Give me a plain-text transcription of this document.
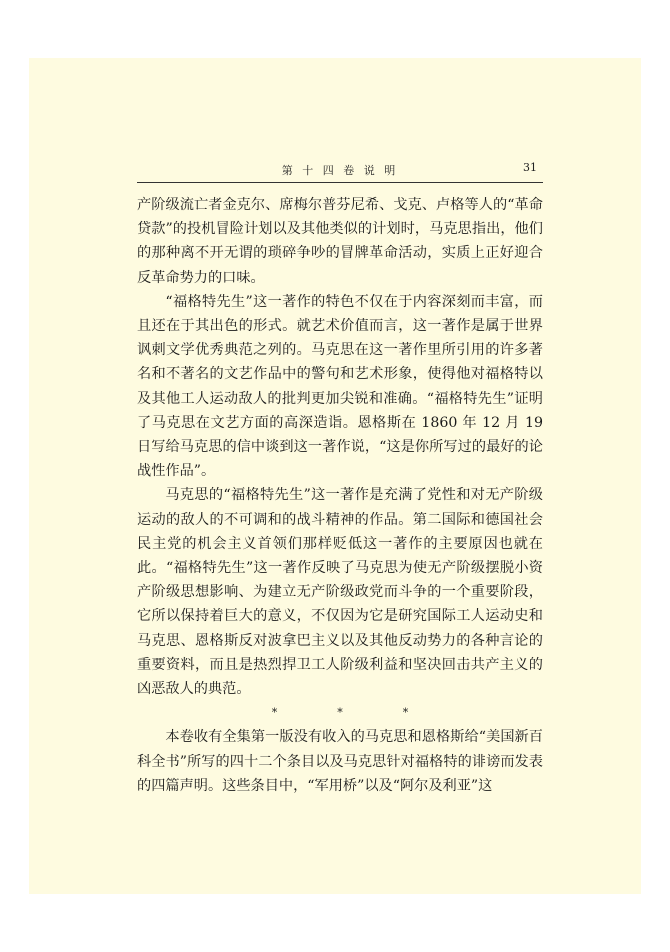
第 十 四 卷 说 明	31

产阶级流亡者金克尔、席梅尔普芬尼希、戈克、卢格等人的“革命贷款”的投机冒险计划以及其他类似的计划时，马克思指出，他们的那种离不开无谓的琐碎争吵的冒牌革命活动，实质上正好迎合反革命势力的口味。

“福格特先生”这一著作的特色不仅在于内容深刻而丰富，而且还在于其出色的形式。就艺术价值而言，这一著作是属于世界讽刺文学优秀典范之列的。马克思在这一著作里所引用的许多著名和不著名的文艺作品中的警句和艺术形象，使得他对福格特以及其他工人运动敌人的批判更加尖锐和准确。“福格特先生”证明了马克思在文艺方面的高深造诣。恩格斯在 1860 年 12 月 19 日写给马克思的信中谈到这一著作说，“这是你所写过的最好的论战性作品”。

马克思的“福格特先生”这一著作是充满了党性和对无产阶级运动的敌人的不可调和的战斗精神的作品。第二国际和德国社会民主党的机会主义首领们那样贬低这一著作的主要原因也就在此。“福格特先生”这一著作反映了马克思为使无产阶级摆脱小资产阶级思想影响、为建立无产阶级政党而斗争的一个重要阶段，它所以保持着巨大的意义，不仅因为它是研究国际工人运动史和马克思、恩格斯反对波拿巴主义以及其他反动势力的各种言论的重要资料，而且是热烈捍卫工人阶级利益和坚决回击共产主义的凶恶敌人的典范。

*	*	*

本卷收有全集第一版没有收入的马克思和恩格斯给“美国新百科全书”所写的四十二个条目以及马克思针对福格特的诽谤而发表的四篇声明。这些条目中，“军用桥”以及“阿尔及利亚”这
